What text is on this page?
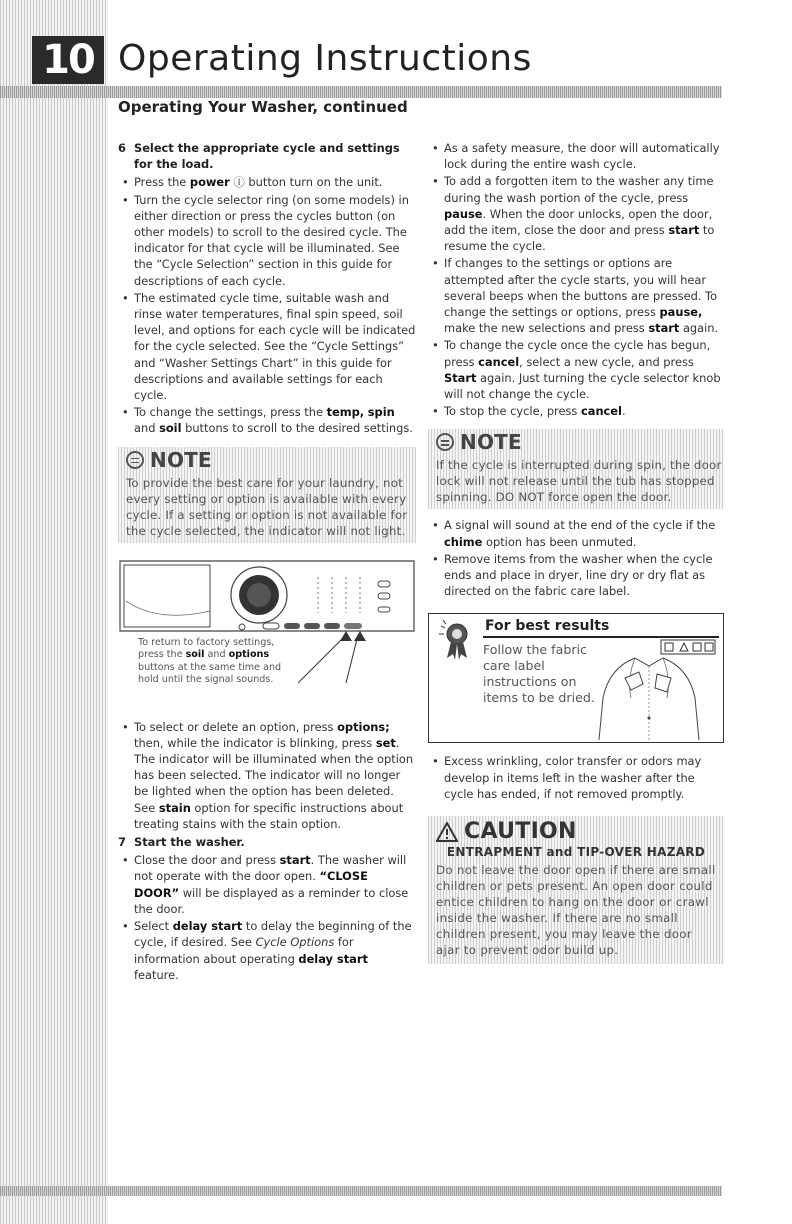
10 Operating Instructions
Operating Your Washer, continued
6 Select the appropriate cycle and settings for the load.
• Press the power Ⓘ button turn on the unit.
• Turn the cycle selector ring (on some models) in either direction or press the cycles button (on other models) to scroll to the desired cycle. The indicator for that cycle will be illuminated. See the “Cycle Selection” section in this guide for descriptions of each cycle.
• The estimated cycle time, suitable wash and rinse water temperatures, final spin speed, soil level, and options for each cycle will be indicated for the cycle selected. See the “Cycle Settings” and “Washer Settings Chart” in this guide for descriptions and available settings for each cycle.
• To change the settings, press the temp, spin and soil buttons to scroll to the desired settings.
NOTE
To provide the best care for your laundry, not every setting or option is available with every cycle. If a setting or option is not available for the cycle selected, the indicator will not light.
To return to factory settings,
press the soil and options
buttons at the same time and
hold until the signal sounds.
• To select or delete an option, press options; then, while the indicator is blinking, press set. The indicator will be illuminated when the option has been selected. The indicator will no longer be lighted when the option has been deleted. See stain option for specific instructions about treating stains with the stain option.
7 Start the washer.
• Close the door and press start. The washer will not operate with the door open. “CLOSE DOOR” will be displayed as a reminder to close the door.
• Select delay start to delay the beginning of the cycle, if desired. See Cycle Options for information about operating delay start feature.
• As a safety measure, the door will automatically lock during the entire wash cycle.
• To add a forgotten item to the washer any time during the wash portion of the cycle, press pause. When the door unlocks, open the door, add the item, close the door and press start to resume the cycle.
• If changes to the settings or options are attempted after the cycle starts, you will hear several beeps when the buttons are pressed. To change the settings or options, press pause, make the new selections and press start again.
• To change the cycle once the cycle has begun, press cancel, select a new cycle, and press Start again. Just turning the cycle selector knob will not change the cycle.
• To stop the cycle, press cancel.
NOTE
If the cycle is interrupted during spin, the door lock will not release until the tub has stopped spinning. DO NOT force open the door.
• A signal will sound at the end of the cycle if the chime option has been unmuted.
• Remove items from the washer when the cycle ends and place in dryer, line dry or dry flat as directed on the fabric care label.
For best results
Follow the fabric care label instructions on items to be dried.
• Excess wrinkling, color transfer or odors may develop in items left in the washer after the cycle has ended, if not removed promptly.
CAUTION
ENTRAPMENT and TIP-OVER HAZARD
Do not leave the door open if there are small children or pets present. An open door could entice children to hang on the door or crawl inside the washer. If there are no small children present, you may leave the door ajar to prevent odor build up.
